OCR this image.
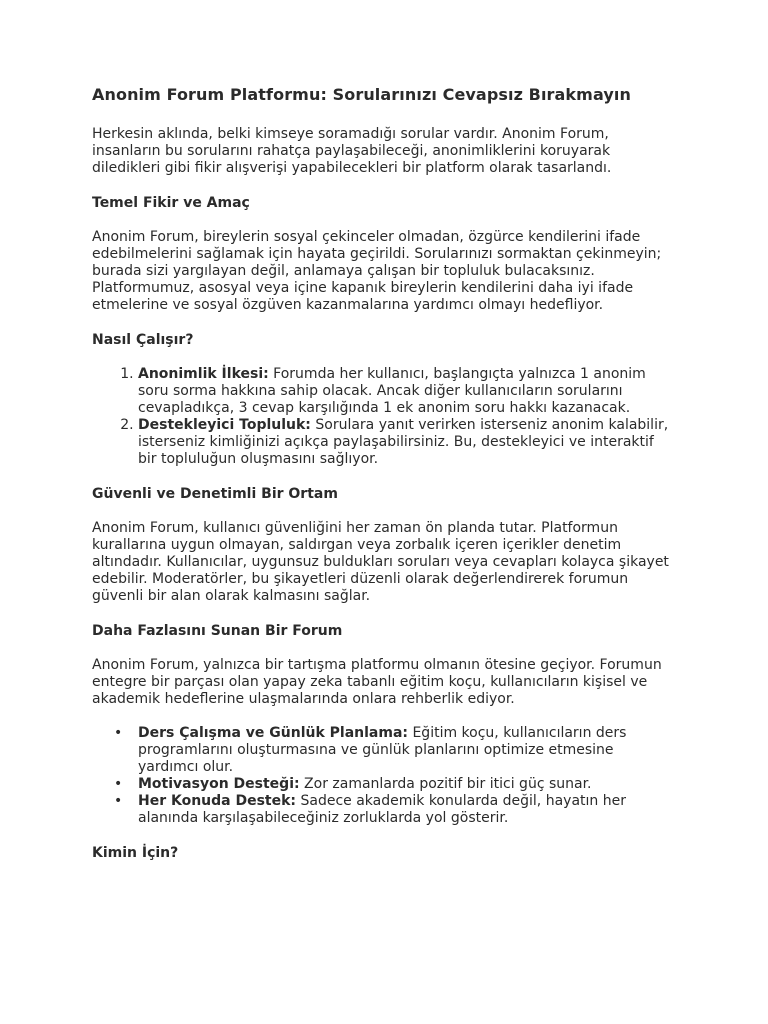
Anonim Forum Platformu: Sorularınızı Cevapsız Bırakmayın

Herkesin aklında, belki kimseye soramadığı sorular vardır. Anonim Forum, insanların bu sorularını rahatça paylaşabileceği, anonimliklerini koruyarak diledikleri gibi fikir alışverişi yapabilecekleri bir platform olarak tasarlandı.

Temel Fikir ve Amaç

Anonim Forum, bireylerin sosyal çekinceler olmadan, özgürce kendilerini ifade edebilmelerini sağlamak için hayata geçirildi. Sorularınızı sormaktan çekinmeyin; burada sizi yargılayan değil, anlamaya çalışan bir topluluk bulacaksınız. Platformumuz, asosyal veya içine kapanık bireylerin kendilerini daha iyi ifade etmelerine ve sosyal özgüven kazanmalarına yardımcı olmayı hedefliyor.

Nasıl Çalışır?
1. Anonimlik İlkesi: Forumda her kullanıcı, başlangıçta yalnızca 1 anonim soru sorma hakkına sahip olacak. Ancak diğer kullanıcıların sorularını cevapladıkça, 3 cevap karşılığında 1 ek anonim soru hakkı kazanacak.
2. Destekleyici Topluluk: Sorulara yanıt verirken isterseniz anonim kalabilir, isterseniz kimliğinizi açıkça paylaşabilirsiniz. Bu, destekleyici ve interaktif bir topluluğun oluşmasını sağlıyor.
Güvenli ve Denetimli Bir Ortam

Anonim Forum, kullanıcı güvenliğini her zaman ön planda tutar. Platformun kurallarına uygun olmayan, saldırgan veya zorbalık içeren içerikler denetim altındadır. Kullanıcılar, uygunsuz buldukları soruları veya cevapları kolayca şikayet edebilir. Moderatörler, bu şikayetleri düzenli olarak değerlendirerek forumun güvenli bir alan olarak kalmasını sağlar.

Daha Fazlasını Sunan Bir Forum

Anonim Forum, yalnızca bir tartışma platformu olmanın ötesine geçiyor. Forumun entegre bir parçası olan yapay zeka tabanlı eğitim koçu, kullanıcıların kişisel ve akademik hedeflerine ulaşmalarında onlara rehberlik ediyor.

• Ders Çalışma ve Günlük Planlama: Eğitim koçu, kullanıcıların ders programlarını oluşturmasına ve günlük planlarını optimize etmesine yardımcı olur.
• Motivasyon Desteği: Zor zamanlarda pozitif bir itici güç sunar.
• Her Konuda Destek: Sadece akademik konularda değil, hayatın her alanında karşılaşabileceğiniz zorluklarda yol gösterir.
Kimin İçin?
